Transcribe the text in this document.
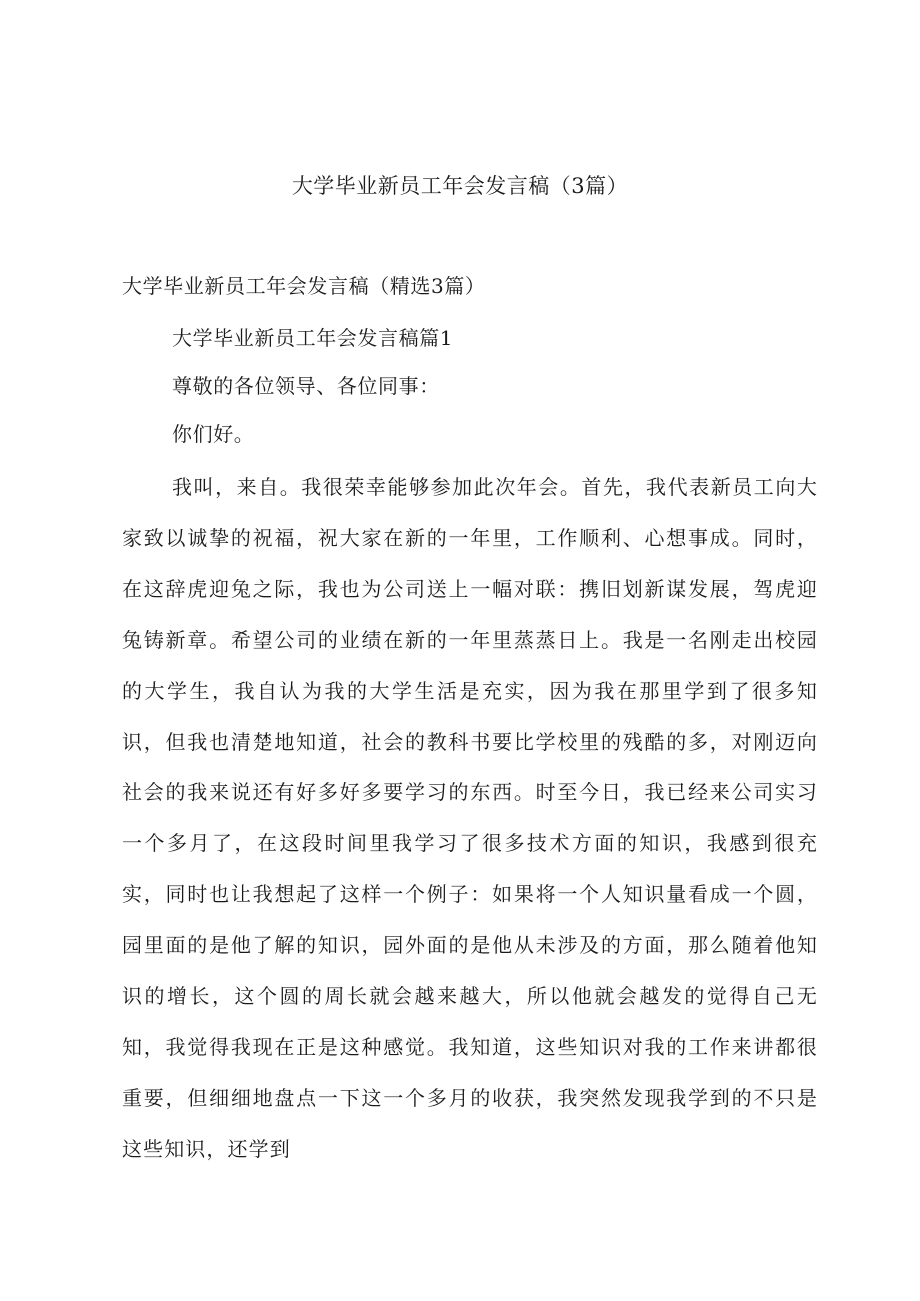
大学毕业新员工年会发言稿（3篇）
大学毕业新员工年会发言稿（精选3篇）
大学毕业新员工年会发言稿篇1
尊敬的各位领导、各位同事：
你们好。

我叫，来自。我很荣幸能够参加此次年会。首先，我代表新员工向大家致以诚挚的祝福，祝大家在新的一年里，工作顺利、心想事成。同时，在这辞虎迎兔之际，我也为公司送上一幅对联：携旧划新谋发展，驾虎迎兔铸新章。希望公司的业绩在新的一年里蒸蒸日上。我是一名刚走出校园的大学生，我自认为我的大学生活是充实，因为我在那里学到了很多知识，但我也清楚地知道，社会的教科书要比学校里的残酷的多，对刚迈向社会的我来说还有好多好多要学习的东西。时至今日，我已经来公司实习一个多月了，在这段时间里我学习了很多技术方面的知识，我感到很充实，同时也让我想起了这样一个例子：如果将一个人知识量看成一个圆，园里面的是他了解的知识，园外面的是他从未涉及的方面，那么随着他知识的增长，这个圆的周长就会越来越大，所以他就会越发的觉得自己无知，我觉得我现在正是这种感觉。我知道，这些知识对我的工作来讲都很重要，但细细地盘点一下这一个多月的收获，我突然发现我学到的不只是这些知识，还学到
